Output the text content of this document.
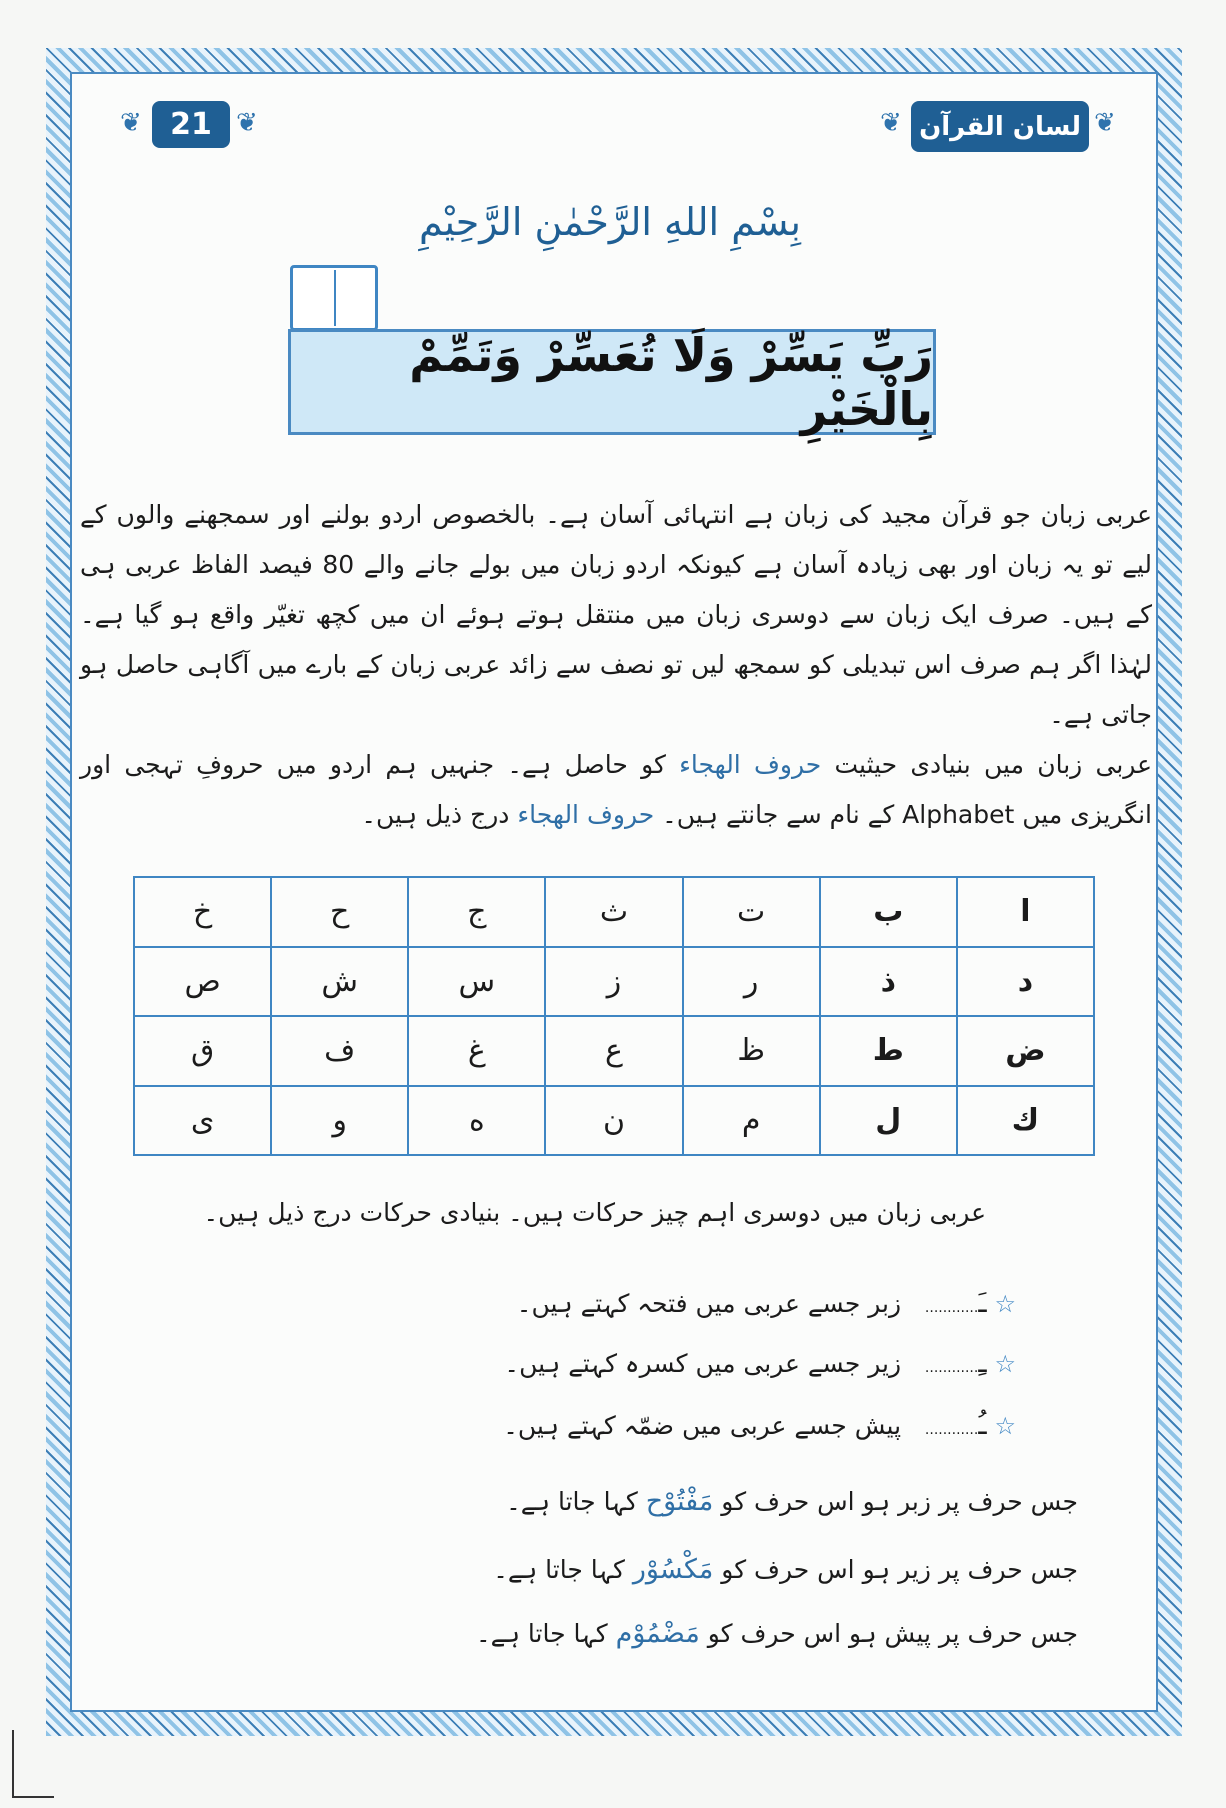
❦ 21 ❦	❦ لسان القرآن ❦
بِسْمِ اللهِ الرَّحْمٰنِ الرَّحِيْمِ
رَبِّ يَسِّرْ وَلَا تُعَسِّرْ وَتَمِّمْ بِالْخَيْرِ
عربی زبان جو قرآن مجید کی زبان ہے انتہائی آسان ہے۔ بالخصوص اردو بولنے اور سمجھنے والوں کے لیے تو یہ زبان اور بھی زیادہ آسان ہے کیونکہ اردو زبان میں بولے جانے والے 80 فیصد الفاظ عربی ہی کے ہیں۔ صرف ایک زبان سے دوسری زبان میں منتقل ہوتے ہوئے ان میں کچھ تغیّر واقع ہو گیا ہے۔ لہٰذا اگر ہم صرف اس تبدیلی کو سمجھ لیں تو نصف سے زائد عربی زبان کے بارے میں آگاہی حاصل ہو جاتی ہے۔
عربی زبان میں بنیادی حیثیت حروف الهجاء کو حاصل ہے۔ جنہیں ہم اردو میں حروفِ تہجی اور انگریزی میں Alphabet کے نام سے جانتے ہیں۔ حروف الهجاء درج ذیل ہیں۔
ا	ب	ت	ث	ج	ح	خ
د	ذ	ر	ز	س	ش	ص
ض	ط	ظ	ع	غ	ف	ق
ك	ل	م	ن	ه	و	ى
عربی زبان میں دوسری اہم چیز حرکات ہیں۔ بنیادی حرکات درج ذیل ہیں۔
☆ ـَ............   زبر جسے عربی میں فتحہ کہتے ہیں۔
☆ ـِ............   زیر جسے عربی میں کسرہ کہتے ہیں۔
☆ ـُ............   پیش جسے عربی میں ضمّہ کہتے ہیں۔
جس حرف پر زبر ہو اس حرف کو مَفْتُوْح کہا جاتا ہے۔
جس حرف پر زیر ہو اس حرف کو مَكْسُوْر کہا جاتا ہے۔
جس حرف پر پیش ہو اس حرف کو مَضْمُوْم کہا جاتا ہے۔
